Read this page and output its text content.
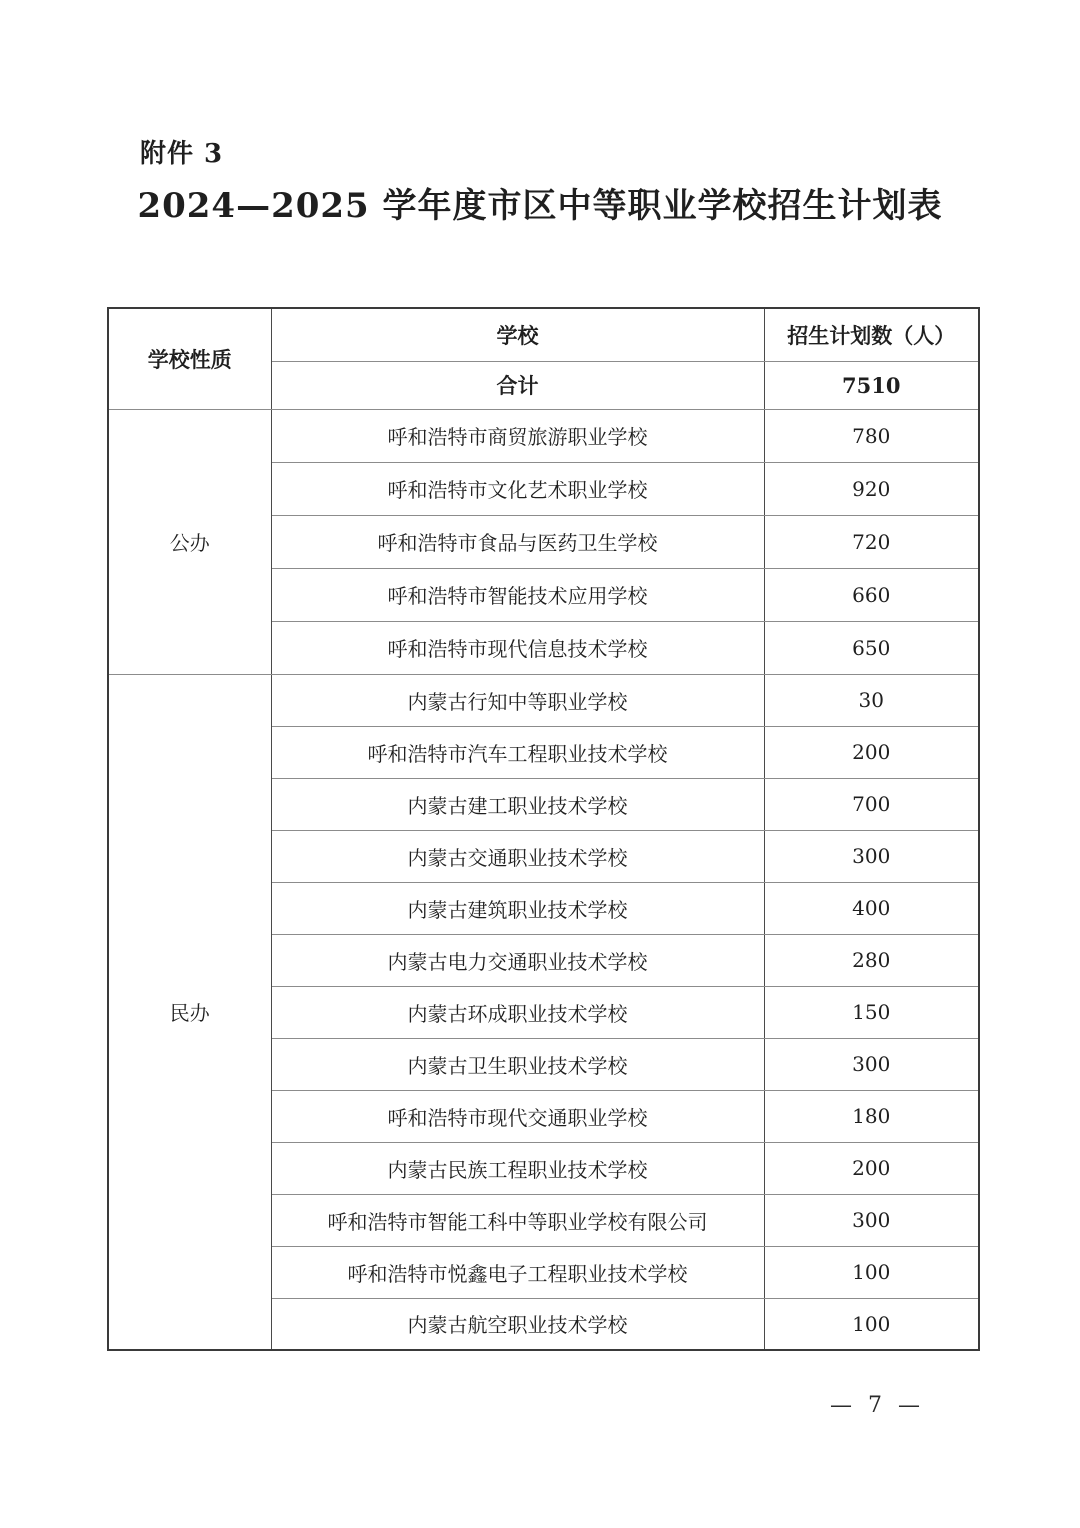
附件 3
2024—2025 学年度市区中等职业学校招生计划表
学校性质	学校	招生计划数（人）
	合计	7510
公办	呼和浩特市商贸旅游职业学校	780
	呼和浩特市文化艺术职业学校	920
	呼和浩特市食品与医药卫生学校	720
	呼和浩特市智能技术应用学校	660
	呼和浩特市现代信息技术学校	650
民办	内蒙古行知中等职业学校	30
	呼和浩特市汽车工程职业技术学校	200
	内蒙古建工职业技术学校	700
	内蒙古交通职业技术学校	300
	内蒙古建筑职业技术学校	400
	内蒙古电力交通职业技术学校	280
	内蒙古环成职业技术学校	150
	内蒙古卫生职业技术学校	300
	呼和浩特市现代交通职业学校	180
	内蒙古民族工程职业技术学校	200
	呼和浩特市智能工科中等职业学校有限公司	300
	呼和浩特市悦鑫电子工程职业技术学校	100
	内蒙古航空职业技术学校	100
— 7 —
